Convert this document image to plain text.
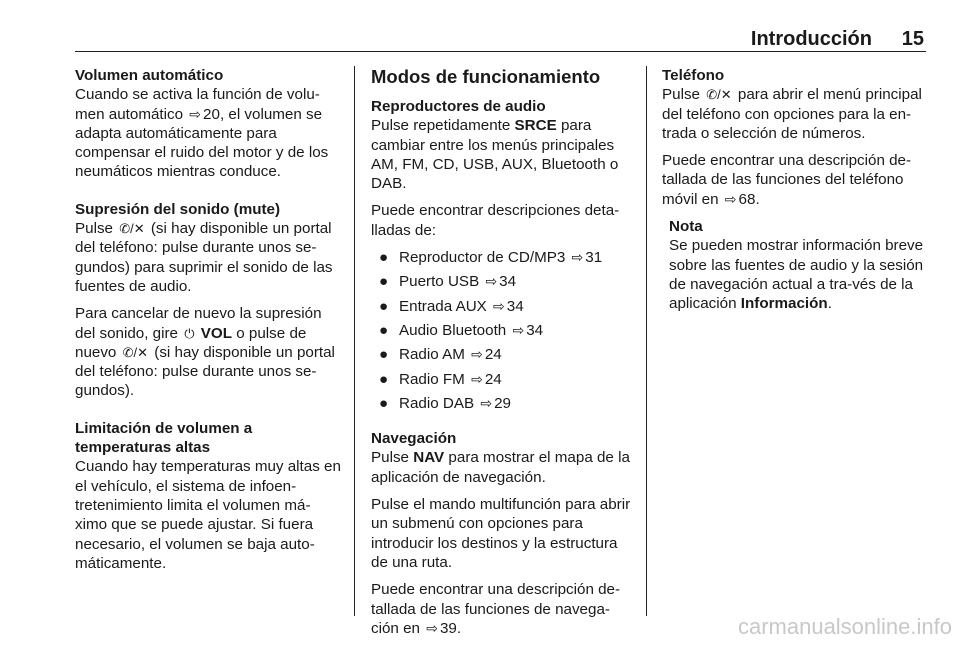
Introducción 15
Volumen automático

Cuando se activa la función de volu-men automático ⇨ 20, el volumen se adapta automáticamente para compensar el ruido del motor y de los neumáticos mientras conduce.

Supresión del sonido (mute)

Pulse ✆/✕ (si hay disponible un portal del teléfono: pulse durante unos se-gundos) para suprimir el sonido de las fuentes de audio.

Para cancelar de nuevo la supresión del sonido, gire ⏻ VOL o pulse de nuevo ✆/✕ (si hay disponible un portal del teléfono: pulse durante unos se-gundos).

Limitación de volumen a
temperaturas altas

Cuando hay temperaturas muy altas en el vehículo, el sistema de infoen-tretenimiento limita el volumen má-ximo que se puede ajustar. Si fuera necesario, el volumen se baja auto-máticamente.

Modos de funcionamiento
Reproductores de audio

Pulse repetidamente SRCE para cambiar entre los menús principales AM, FM, CD, USB, AUX, Bluetooth o DAB.

Puede encontrar descripciones deta-lladas de:

● Reproductor de CD/MP3 ⇨ 31
● Puerto USB ⇨ 34
● Entrada AUX ⇨ 34
● Audio Bluetooth ⇨ 34
● Radio AM ⇨ 24
● Radio FM ⇨ 24
● Radio DAB ⇨ 29
Navegación

Pulse NAV para mostrar el mapa de la aplicación de navegación.

Pulse el mando multifunción para abrir un submenú con opciones para introducir los destinos y la estructura de una ruta.

Puede encontrar una descripción de-tallada de las funciones de navega-ción en ⇨ 39.

Teléfono

Pulse ✆/✕ para abrir el menú principal del teléfono con opciones para la en-trada o selección de números.

Puede encontrar una descripción de-tallada de las funciones del teléfono móvil en ⇨ 68.

Nota

Se pueden mostrar información breve sobre las fuentes de audio y la sesión de navegación actual a tra-vés de la aplicación Información.

carmanualsonline.info
